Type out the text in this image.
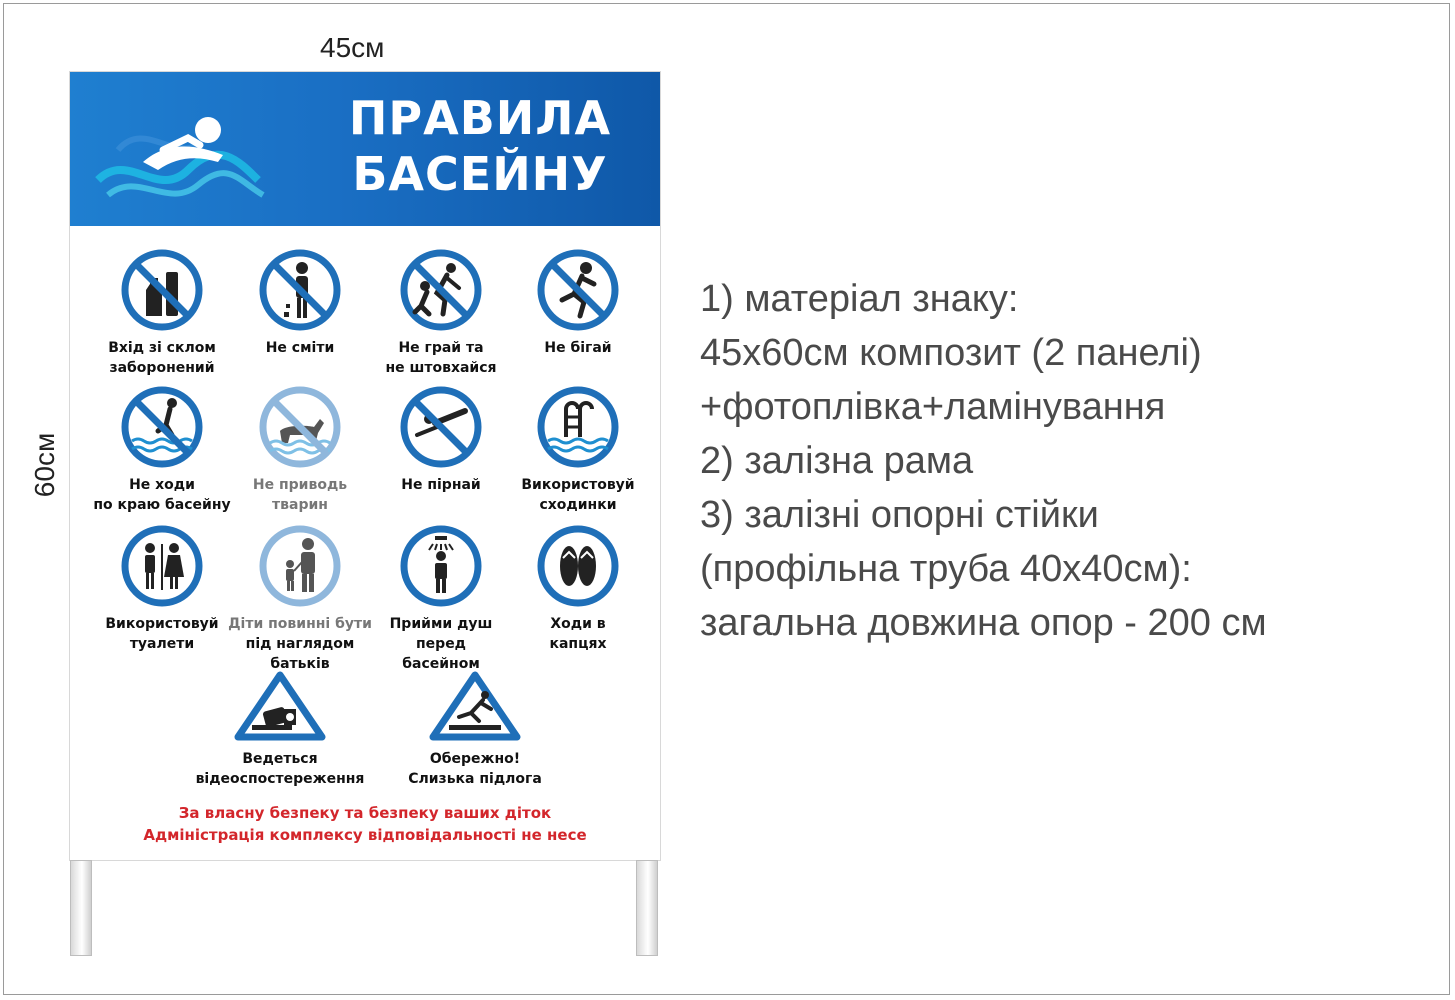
45см
60см
ПРАВИЛА
БАСЕЙНУ
Вхід зі склом
заборонений
Не сміти	Не грай та
не штовхайся
Не бігай
Не ходи
по краю басейну
Не приводь
тварин
Не пірнай	Використовуй
сходинки
Використовуй
туалети
Діти повинні бути
під наглядом
батьків
Прийми душ
перед
басейном
Ходи в
капцях
Ведеться
відеоспостереження
Обережно!
Слизька підлога
За власну безпеку та безпеку ваших діток
Адміністрація комплексу відповідальності не несе
1) матеріал знаку:
45x60см композит (2 панелі)
+фотоплівка+ламінування
2) залізна рама
3) залізні опорні стійки
(профільна труба 40x40см):
загальна довжина опор - 200 см
